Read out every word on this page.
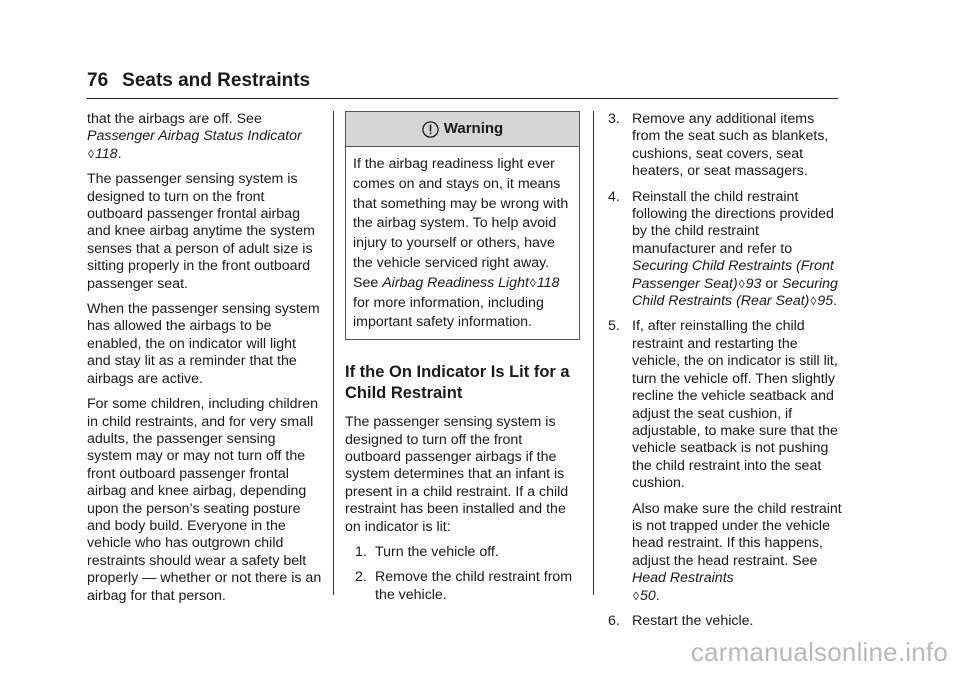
76 Seats and Restraints

that the airbags are off. See Passenger Airbag Status Indicator
◊118.

The passenger sensing system is designed to turn on the front outboard passenger frontal airbag and knee airbag anytime the system senses that a person of adult size is sitting properly in the front outboard passenger seat.

When the passenger sensing system has allowed the airbags to be enabled, the on indicator will light and stay lit as a reminder that the airbags are active.

For some children, including children in child restraints, and for very small adults, the passenger sensing system may or may not turn off the front outboard passenger frontal airbag and knee airbag, depending upon the person’s seating posture and body build. Everyone in the vehicle who has outgrown child restraints should wear a safety belt properly — whether or not there is an airbag for that person.

Warning

If the airbag readiness light ever comes on and stays on, it means that something may be wrong with the airbag system. To help avoid injury to yourself or others, have the vehicle serviced right away. See Airbag Readiness Light◊118 for more information, including important safety information.

If the On Indicator Is Lit for a Child Restraint

The passenger sensing system is designed to turn off the front outboard passenger airbags if the system determines that an infant is present in a child restraint. If a child restraint has been installed and the on indicator is lit:

1. Turn the vehicle off.
2. Remove the child restraint from the vehicle.
3. Remove any additional items from the seat such as blankets, cushions, seat covers, seat heaters, or seat massagers.
4. Reinstall the child restraint following the directions provided by the child restraint manufacturer and refer to Securing Child Restraints (Front Passenger Seat)◊93 or Securing Child Restraints (Rear Seat)◊95.
5. If, after reinstalling the child restraint and restarting the vehicle, the on indicator is still lit, turn the vehicle off. Then slightly recline the vehicle seatback and adjust the seat cushion, if adjustable, to make sure that the vehicle seatback is not pushing the child restraint into the seat cushion.

Also make sure the child restraint is not trapped under the vehicle head restraint. If this happens, adjust the head restraint. See Head Restraints
◊50.

6. Restart the vehicle.
carmanualsonline.info
